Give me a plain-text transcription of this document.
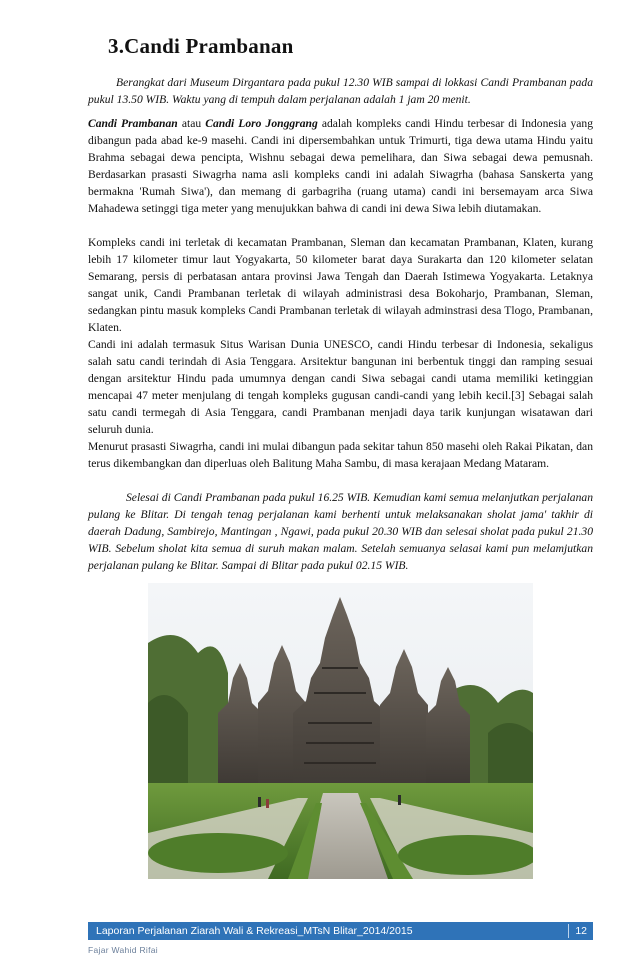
3.Candi Prambanan

Berangkat dari Museum Dirgantara pada pukul 12.30 WIB sampai di lokkasi Candi Prambanan pada pukul 13.50 WIB. Waktu yang di tempuh dalam perjalanan adalah 1 jam 20 menit.

Candi Prambanan atau Candi Loro Jonggrang adalah kompleks candi Hindu terbesar di Indonesia yang dibangun pada abad ke-9 masehi. Candi ini dipersembahkan untuk Trimurti, tiga dewa utama Hindu yaitu Brahma sebagai dewa pencipta, Wishnu sebagai dewa pemelihara, dan Siwa sebagai dewa pemusnah. Berdasarkan prasasti Siwagrha nama asli kompleks candi ini adalah Siwagrha (bahasa Sanskerta yang bermakna 'Rumah Siwa'), dan memang di garbagriha (ruang utama) candi ini bersemayam arca Siwa Mahadewa setinggi tiga meter yang menujukkan bahwa di candi ini dewa Siwa lebih diutamakan.

Kompleks candi ini terletak di kecamatan Prambanan, Sleman dan kecamatan Prambanan, Klaten, kurang lebih 17 kilometer timur laut Yogyakarta, 50 kilometer barat daya Surakarta dan 120 kilometer selatan Semarang, persis di perbatasan antara provinsi Jawa Tengah dan Daerah Istimewa Yogyakarta. Letaknya sangat unik, Candi Prambanan terletak di wilayah administrasi desa Bokoharjo, Prambanan, Sleman, sedangkan pintu masuk kompleks Candi Prambanan terletak di wilayah adminstrasi desa Tlogo, Prambanan, Klaten.

Candi ini adalah termasuk Situs Warisan Dunia UNESCO, candi Hindu terbesar di Indonesia, sekaligus salah satu candi terindah di Asia Tenggara. Arsitektur bangunan ini berbentuk tinggi dan ramping sesuai dengan arsitektur Hindu pada umumnya dengan candi Siwa sebagai candi utama memiliki ketinggian mencapai 47 meter menjulang di tengah kompleks gugusan candi-candi yang lebih kecil.[3] Sebagai salah satu candi termegah di Asia Tenggara, candi Prambanan menjadi daya tarik kunjungan wisatawan dari seluruh dunia.

Menurut prasasti Siwagrha, candi ini mulai dibangun pada sekitar tahun 850 masehi oleh Rakai Pikatan, dan terus dikembangkan dan diperluas oleh Balitung Maha Sambu, di masa kerajaan Medang Mataram.

Selesai di Candi Prambanan pada pukul 16.25 WIB. Kemudian kami semua melanjutkan perjalanan pulang ke Blitar. Di tengah tenag perjalanan kami berhenti untuk melaksanakan sholat jama' takhir di daerah Dadung, Sambirejo, Mantingan , Ngawi, pada pukul 20.30 WIB dan selesai sholat pada pukul 21.30 WIB. Sebelum sholat kita semua di suruh makan malam. Setelah semuanya selasai kami pun melamjutkan perjalanan pulang ke Blitar. Sampai di Blitar pada pukul 02.15 WIB.

Laporan Perjalanan Ziarah Wali & Rekreasi_MTsN Blitar_2014/2015	12
Fajar Wahid Rifai
